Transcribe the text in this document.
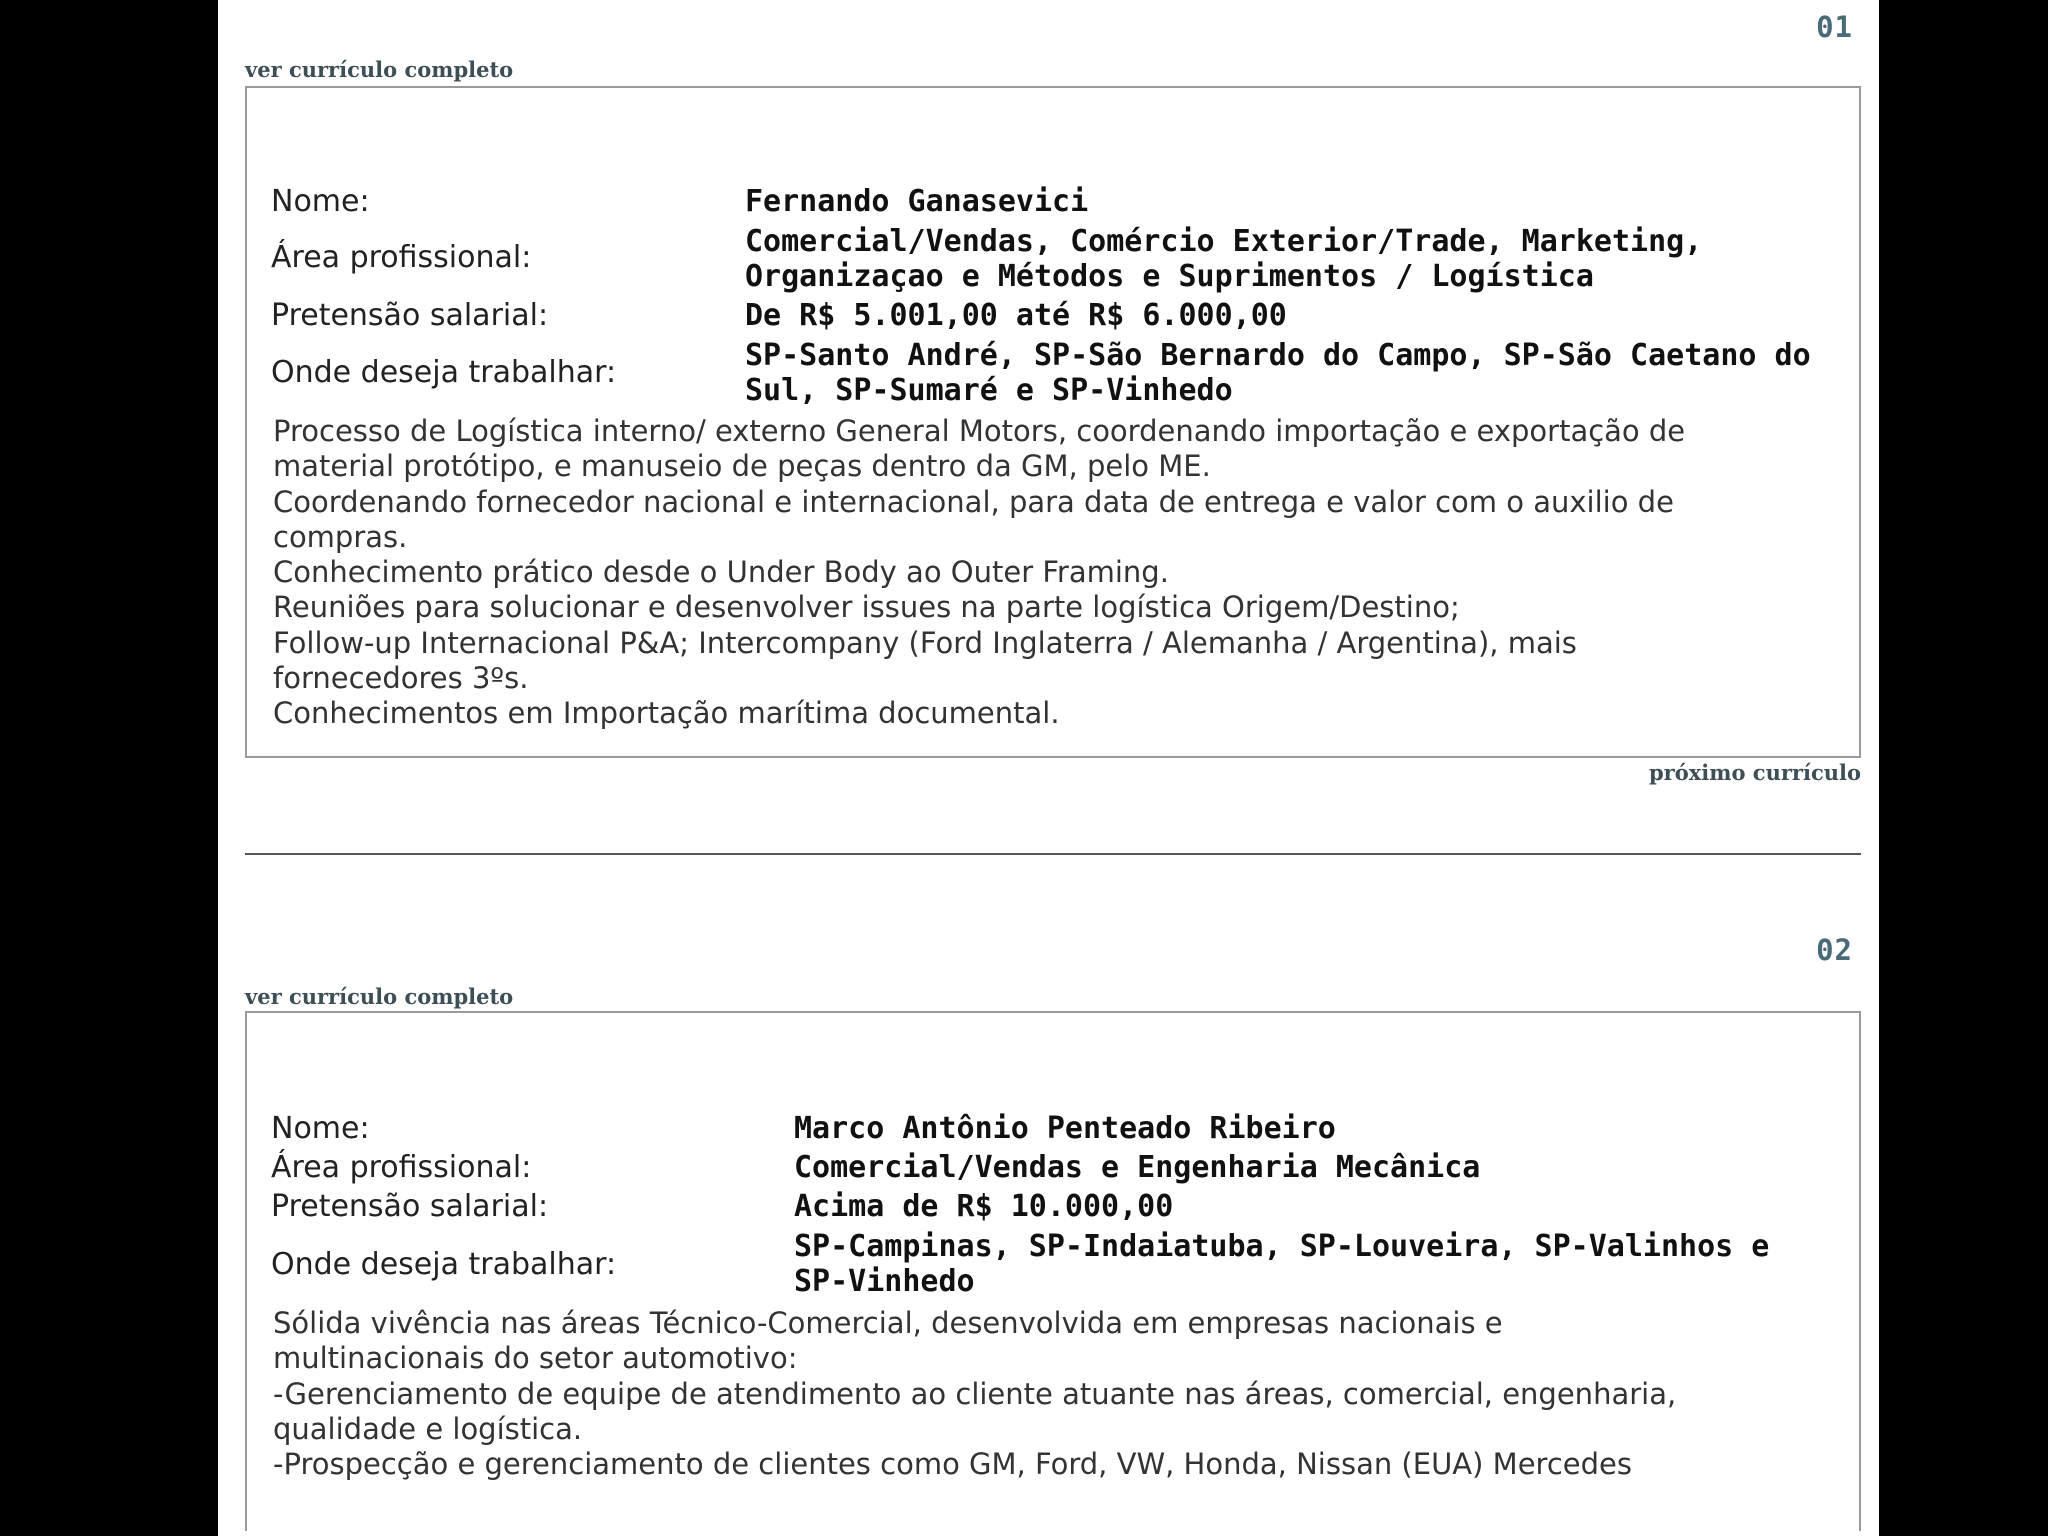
01
ver currículo completo
Nome:	Fernando Ganasevici
Área profissional:	Comercial/Vendas, Comércio Exterior/Trade, Marketing,
Organizaçao e Métodos e Suprimentos / Logística
Pretensão salarial:	De R$ 5.001,00 até R$ 6.000,00
Onde deseja trabalhar:	SP-Santo André, SP-São Bernardo do Campo, SP-São Caetano do
Sul, SP-Sumaré e SP-Vinhedo
Processo de Logística interno/ externo General Motors, coordenando importação e exportação de
material protótipo, e manuseio de peças dentro da GM, pelo ME.
Coordenando fornecedor nacional e internacional, para data de entrega e valor com o auxilio de
compras.
Conhecimento prático desde o Under Body ao Outer Framing.
Reuniões para solucionar e desenvolver issues na parte logística Origem/Destino;
Follow-up Internacional P&A; Intercompany (Ford Inglaterra / Alemanha / Argentina), mais
fornecedores 3ºs.
Conhecimentos em Importação marítima documental.
próximo currículo
02
ver currículo completo
Nome:	Marco Antônio Penteado Ribeiro
Área profissional:	Comercial/Vendas e Engenharia Mecânica
Pretensão salarial:	Acima de R$ 10.000,00
Onde deseja trabalhar:
SP-Campinas, SP-Indaiatuba, SP-Louveira, SP-Valinhos e
SP-Vinhedo
Sólida vivência nas áreas Técnico-Comercial, desenvolvida em empresas nacionais e
multinacionais do setor automotivo:
-Gerenciamento de equipe de atendimento ao cliente atuante nas áreas, comercial, engenharia,
qualidade e logística.
-Prospecção e gerenciamento de clientes como GM, Ford, VW, Honda, Nissan (EUA) Mercedes
